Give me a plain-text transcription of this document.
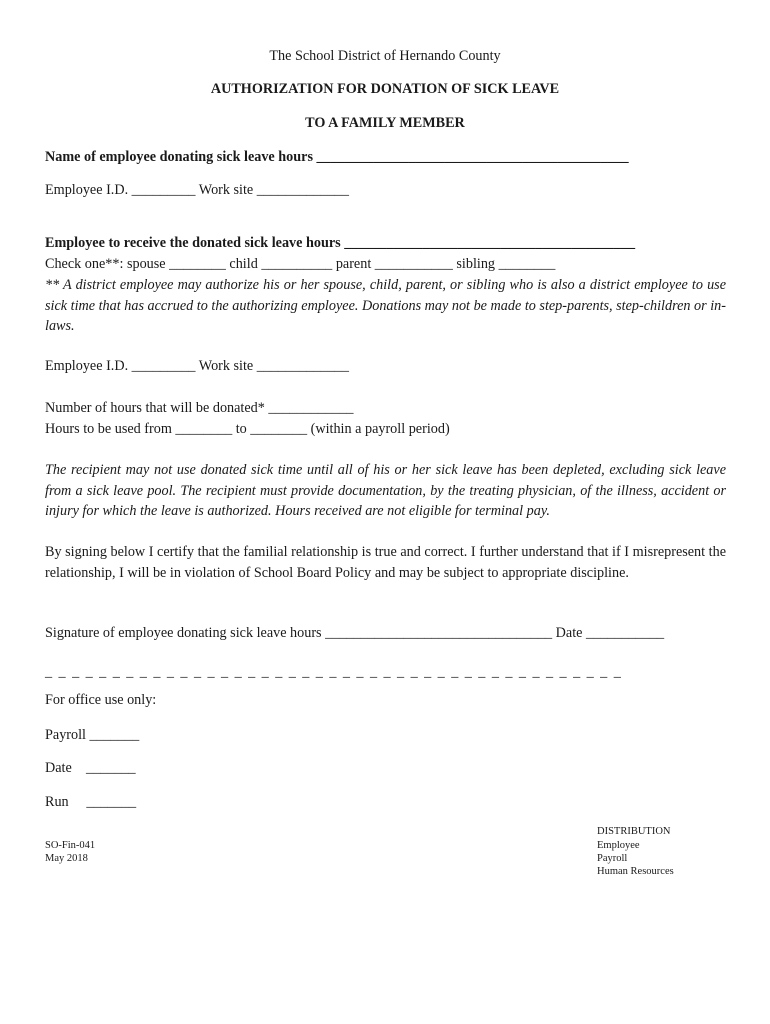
The School District of Hernando County
AUTHORIZATION FOR DONATION OF SICK LEAVE
TO A FAMILY MEMBER
Name of employee donating sick leave hours ____________________________________________
Employee I.D. _________ Work site _____________
Employee to receive the donated sick leave hours _________________________________________
Check one**: spouse ________ child __________ parent ___________ sibling ________
** A district employee may authorize his or her spouse, child, parent, or sibling who is also a district employee to use sick time that has accrued to the authorizing employee. Donations may not be made to step-parents, step-children or in-laws.
Employee I.D. _________ Work site _____________
Number of hours that will be donated* ____________
Hours to be used from ________ to ________ (within a payroll period)
The recipient may not use donated sick time until all of his or her sick leave has been depleted, excluding sick leave from a sick leave pool. The recipient must provide documentation, by the treating physician, of the illness, accident or injury for which the leave is authorized. Hours received are not eligible for terminal pay.
By signing below I certify that the familial relationship is true and correct. I further understand that if I misrepresent the relationship, I will be in violation of School Board Policy and may be subject to appropriate discipline.
Signature of employee donating sick leave hours ________________________________ Date ___________
_ _ _ _ _ _ _ _ _ _ _ _ _ _ _ _ _ _ _ _ _ _ _ _ _ _ _ _ _ _ _ _ _ _ _ _ _ _ _ _ _ _ _
For office use only:
Payroll _______
Date    _______
Run     _______
SO-Fin-041
May 2018
DISTRIBUTION
Employee
Payroll
Human Resources
